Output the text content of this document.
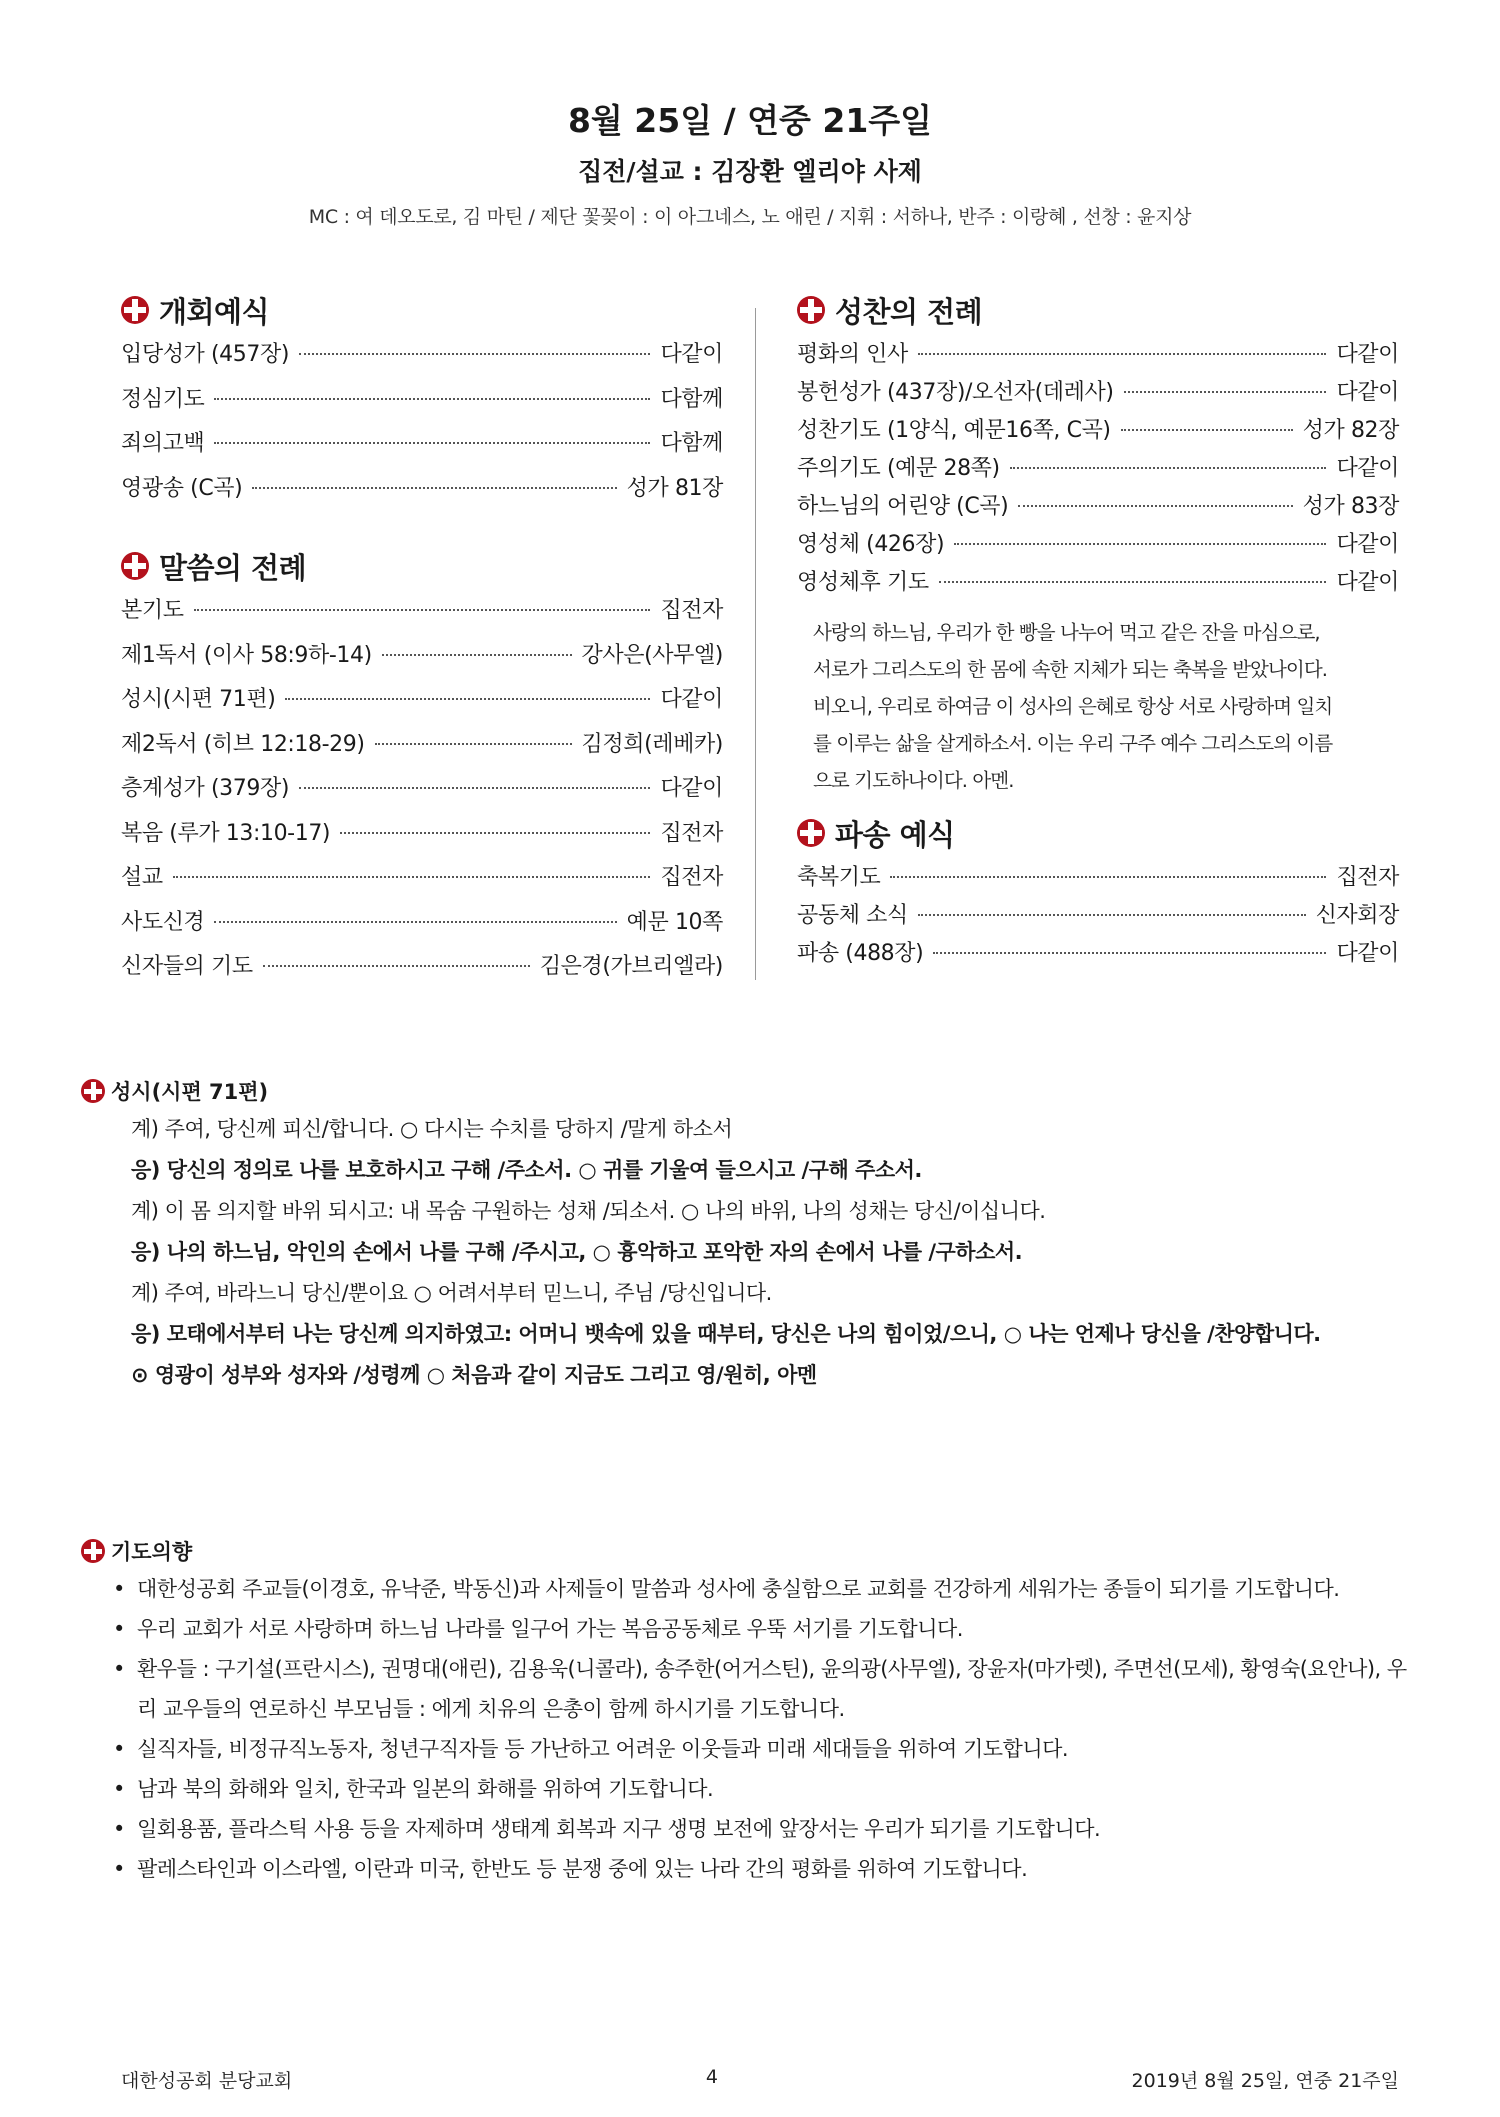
8월 25일 / 연중 21주일
집전/설교 : 김장환 엘리야 사제
MC : 여 데오도로, 김 마틴 / 제단 꽃꽂이 : 이 아그네스, 노 애린 / 지휘 : 서하나, 반주 : 이랑혜 , 선창 : 윤지상
개회예식
입당성가 (457장)	다같이
정심기도	다함께
죄의고백	다함께
영광송 (C곡)	성가 81장
말씀의 전례
본기도	집전자
제1독서 (이사 58:9하-14)	강사은(사무엘)
성시(시편 71편)	다같이
제2독서 (히브 12:18-29)	김정희(레베카)
층계성가 (379장)	다같이
복음 (루가 13:10-17)	집전자
설교	집전자
사도신경	예문 10쪽
신자들의 기도	김은경(가브리엘라)
성찬의 전례
평화의 인사	다같이
봉헌성가 (437장)/오선자(데레사)	다같이
성찬기도 (1양식, 예문16쪽, C곡)	성가 82장
주의기도 (예문 28쪽)	다같이
하느님의 어린양 (C곡)	성가 83장
영성체 (426장)	다같이
영성체후 기도	다같이
사랑의 하느님, 우리가 한 빵을 나누어 먹고 같은 잔을 마심으로,
서로가 그리스도의 한 몸에 속한 지체가 되는 축복을 받았나이다.
비오니, 우리로 하여금 이 성사의 은혜로 항상 서로 사랑하며 일치
를 이루는 삶을 살게하소서. 이는 우리 구주 예수 그리스도의 이름
으로 기도하나이다. 아멘.
파송 예식
축복기도	집전자
공동체 소식	신자회장
파송 (488장)	다같이
성시(시편 71편)
계) 주여, 당신께 피신/합니다. ○ 다시는 수치를 당하지 /말게 하소서
응) 당신의 정의로 나를 보호하시고 구해 /주소서. ○ 귀를 기울여 들으시고 /구해 주소서.
계) 이 몸 의지할 바위 되시고: 내 목숨 구원하는 성채 /되소서. ○ 나의 바위, 나의 성채는 당신/이십니다.
응) 나의 하느님, 악인의 손에서 나를 구해 /주시고, ○ 흉악하고 포악한 자의 손에서 나를 /구하소서.
계) 주여, 바라느니 당신/뿐이요 ○ 어려서부터 믿느니, 주님 /당신입니다.
응) 모태에서부터 나는 당신께 의지하였고: 어머니 뱃속에 있을 때부터, 당신은 나의 힘이었/으니, ○ 나는 언제나 당신을 /찬양합니다.
⊙ 영광이 성부와 성자와 /성령께 ○ 처음과 같이 지금도 그리고 영/원히, 아멘
기도의향
• 대한성공회 주교들(이경호, 유낙준, 박동신)과 사제들이 말씀과 성사에 충실함으로 교회를 건강하게 세워가는 종들이 되기를 기도합니다.
• 우리 교회가 서로 사랑하며 하느님 나라를 일구어 가는 복음공동체로 우뚝 서기를 기도합니다.
• 환우들 : 구기설(프란시스), 권명대(애린), 김용욱(니콜라), 송주한(어거스틴), 윤의광(사무엘), 장윤자(마가렛), 주면선(모세), 황영숙(요안나), 우리 교우들의 연로하신 부모님들 : 에게 치유의 은총이 함께 하시기를 기도합니다.
• 실직자들, 비정규직노동자, 청년구직자들 등 가난하고 어려운 이웃들과 미래 세대들을 위하여 기도합니다.
• 남과 북의 화해와 일치, 한국과 일본의 화해를 위하여 기도합니다.
• 일회용품, 플라스틱 사용 등을 자제하며 생태계 회복과 지구 생명 보전에 앞장서는 우리가 되기를 기도합니다.
• 팔레스타인과 이스라엘, 이란과 미국, 한반도 등 분쟁 중에 있는 나라 간의 평화를 위하여 기도합니다.
대한성공회 분당교회	4	2019년 8월 25일, 연중 21주일
